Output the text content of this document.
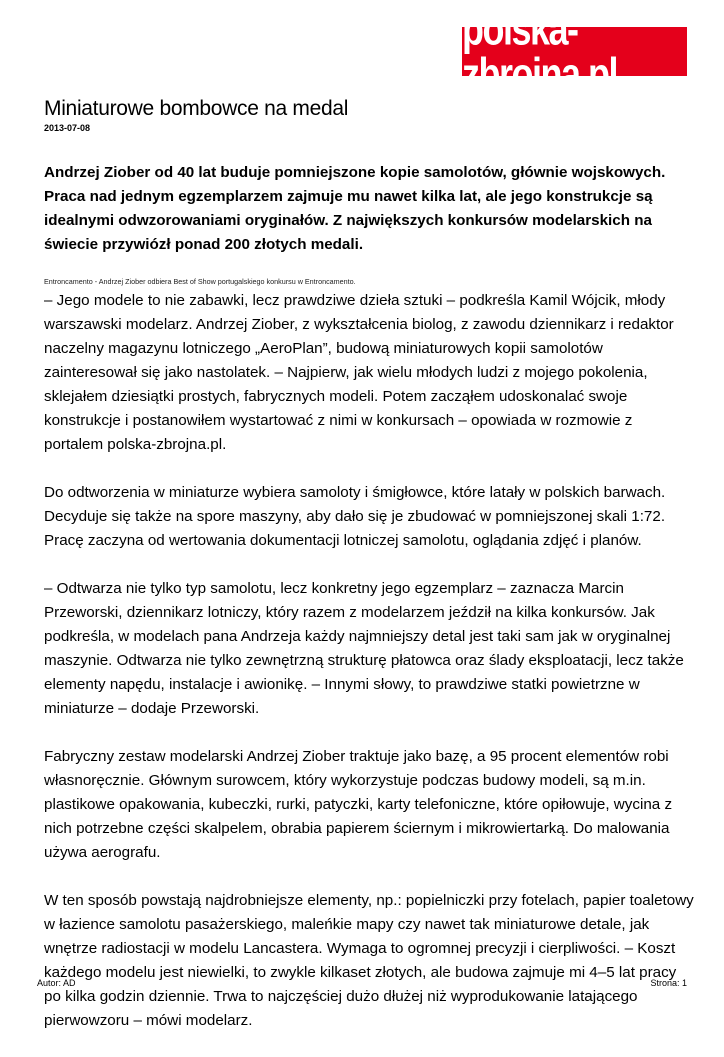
polska-zbrojna.pl
Miniaturowe bombowce na medal
2013-07-08

Andrzej Ziober od 40 lat buduje pomniejszone kopie samolotów, głównie wojskowych. Praca nad jednym egzemplarzem zajmuje mu nawet kilka lat, ale jego konstrukcje są idealnymi odwzorowaniami oryginałów. Z największych konkursów modelarskich na świecie przywiózł ponad 200 złotych medali.

Entroncamento - Andrzej Ziober odbiera Best of Show portugalskiego konkursu w Entroncamento.

– Jego modele to nie zabawki, lecz prawdziwe dzieła sztuki – podkreśla Kamil Wójcik, młody warszawski modelarz. Andrzej Ziober, z wykształcenia biolog, z zawodu dziennikarz i redaktor naczelny magazynu lotniczego „AeroPlan”, budową miniaturowych kopii samolotów zainteresował się jako nastolatek. – Najpierw, jak wielu młodych ludzi z mojego pokolenia, sklejałem dziesiątki prostych, fabrycznych modeli. Potem zacząłem udoskonalać swoje konstrukcje i postanowiłem wystartować z nimi w konkursach – opowiada w rozmowie z portalem polska-zbrojna.pl.

Do odtworzenia w miniaturze wybiera samoloty i śmigłowce, które latały w polskich barwach. Decyduje się także na spore maszyny, aby dało się je zbudować w pomniejszonej skali 1:72. Pracę zaczyna od wertowania dokumentacji lotniczej samolotu, oglądania zdjęć i planów.

– Odtwarza nie tylko typ samolotu, lecz konkretny jego egzemplarz – zaznacza Marcin Przeworski, dziennikarz lotniczy, który razem z modelarzem jeździł na kilka konkursów. Jak podkreśla, w modelach pana Andrzeja każdy najmniejszy detal jest taki sam jak w oryginalnej maszynie. Odtwarza nie tylko zewnętrzną strukturę płatowca oraz ślady eksploatacji, lecz także elementy napędu, instalacje i awionikę. – Innymi słowy, to prawdziwe statki powietrzne w miniaturze – dodaje Przeworski.

Fabryczny zestaw modelarski Andrzej Ziober traktuje jako bazę, a 95 procent elementów robi własnoręcznie. Głównym surowcem, który wykorzystuje podczas budowy modeli, są m.in. plastikowe opakowania, kubeczki, rurki, patyczki, karty telefoniczne, które opiłowuje, wycina z nich potrzebne części skalpelem, obrabia papierem ściernym i mikrowiertarką. Do malowania używa aerografu.

W ten sposób powstają najdrobniejsze elementy, np.: popielniczki przy fotelach, papier toaletowy w łazience samolotu pasażerskiego, maleńkie mapy czy nawet tak miniaturowe detale, jak wnętrze radiostacji w modelu Lancastera. Wymaga to ogromnej precyzji i cierpliwości. – Koszt każdego modelu jest niewielki, to zwykle kilkaset złotych, ale budowa zajmuje mi 4–5 lat pracy po kilka godzin dziennie. Trwa to najczęściej dużo dłużej niż wyprodukowanie latającego pierwowzoru – mówi modelarz.

Autor: AD	Strona: 1
